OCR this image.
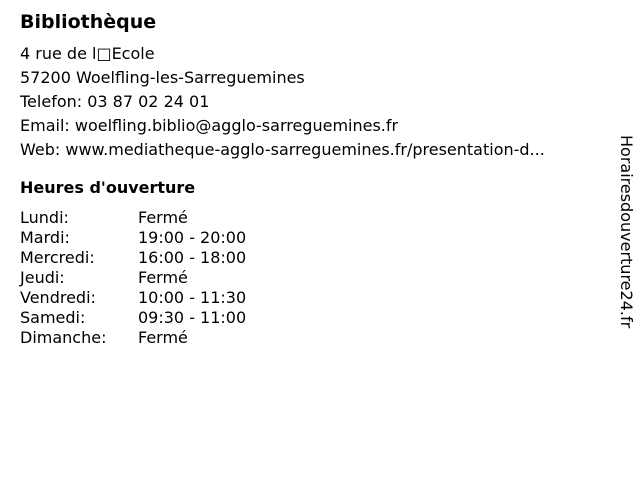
Bibliothèque
4 rue de l□Ecole
57200 Woelfling-les-Sarreguemines
Telefon: 03 87 02 24 01
Email: woelfling.biblio@agglo-sarreguemines.fr
Web: www.mediatheque-agglo-sarreguemines.fr/presentation-d...
Heures d'ouverture
Lundi:	Fermé
Mardi:	19:00 - 20:00
Mercredi:	16:00 - 18:00
Jeudi:	Fermé
Vendredi:	10:00 - 11:30
Samedi:	09:30 - 11:00
Dimanche:	Fermé
Horairesdouverture24.fr
